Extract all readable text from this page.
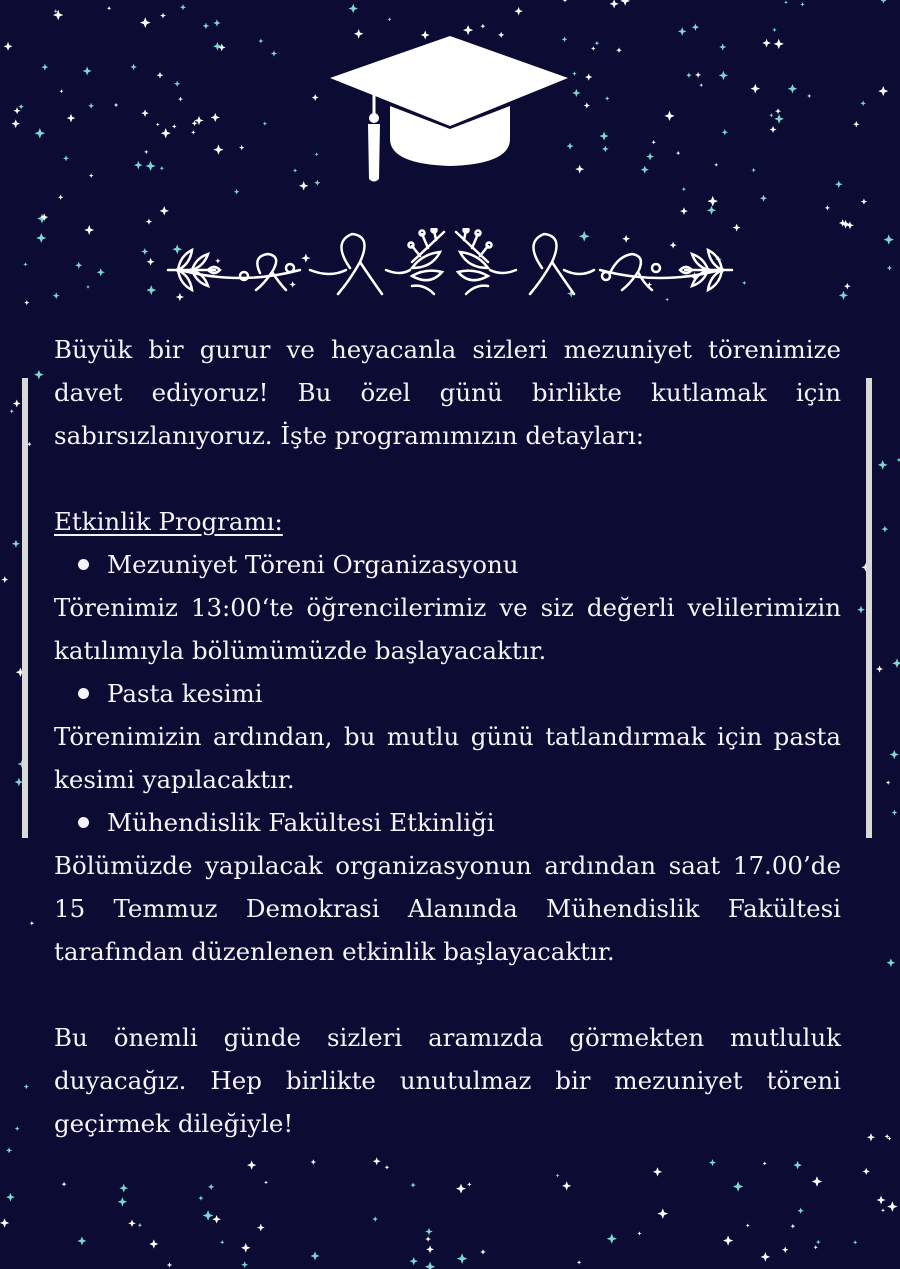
Büyük bir gurur ve heyacanla sizleri mezuniyet törenimize davet ediyoruz! Bu özel günü birlikte kutlamak için sabırsızlanıyoruz. İşte programımızın detayları:

Etkinlik Programı:
Mezuniyet Töreni Organizasyonu

Törenimiz 13:00‘te öğrencilerimiz ve siz değerli velilerimizin katılımıyla bölümümüzde başlayacaktır.

Pasta kesimi

Törenimizin ardından, bu mutlu günü tatlandırmak için pasta kesimi yapılacaktır.

Mühendislik Fakültesi Etkinliği

Bölümüzde yapılacak organizasyonun ardından saat 17.00’de 15 Temmuz Demokrasi Alanında Mühendislik Fakültesi tarafından düzenlenen etkinlik başlayacaktır.

Bu önemli günde sizleri aramızda görmekten mutluluk duyacağız. Hep birlikte unutulmaz bir mezuniyet töreni geçirmek dileğiyle!
